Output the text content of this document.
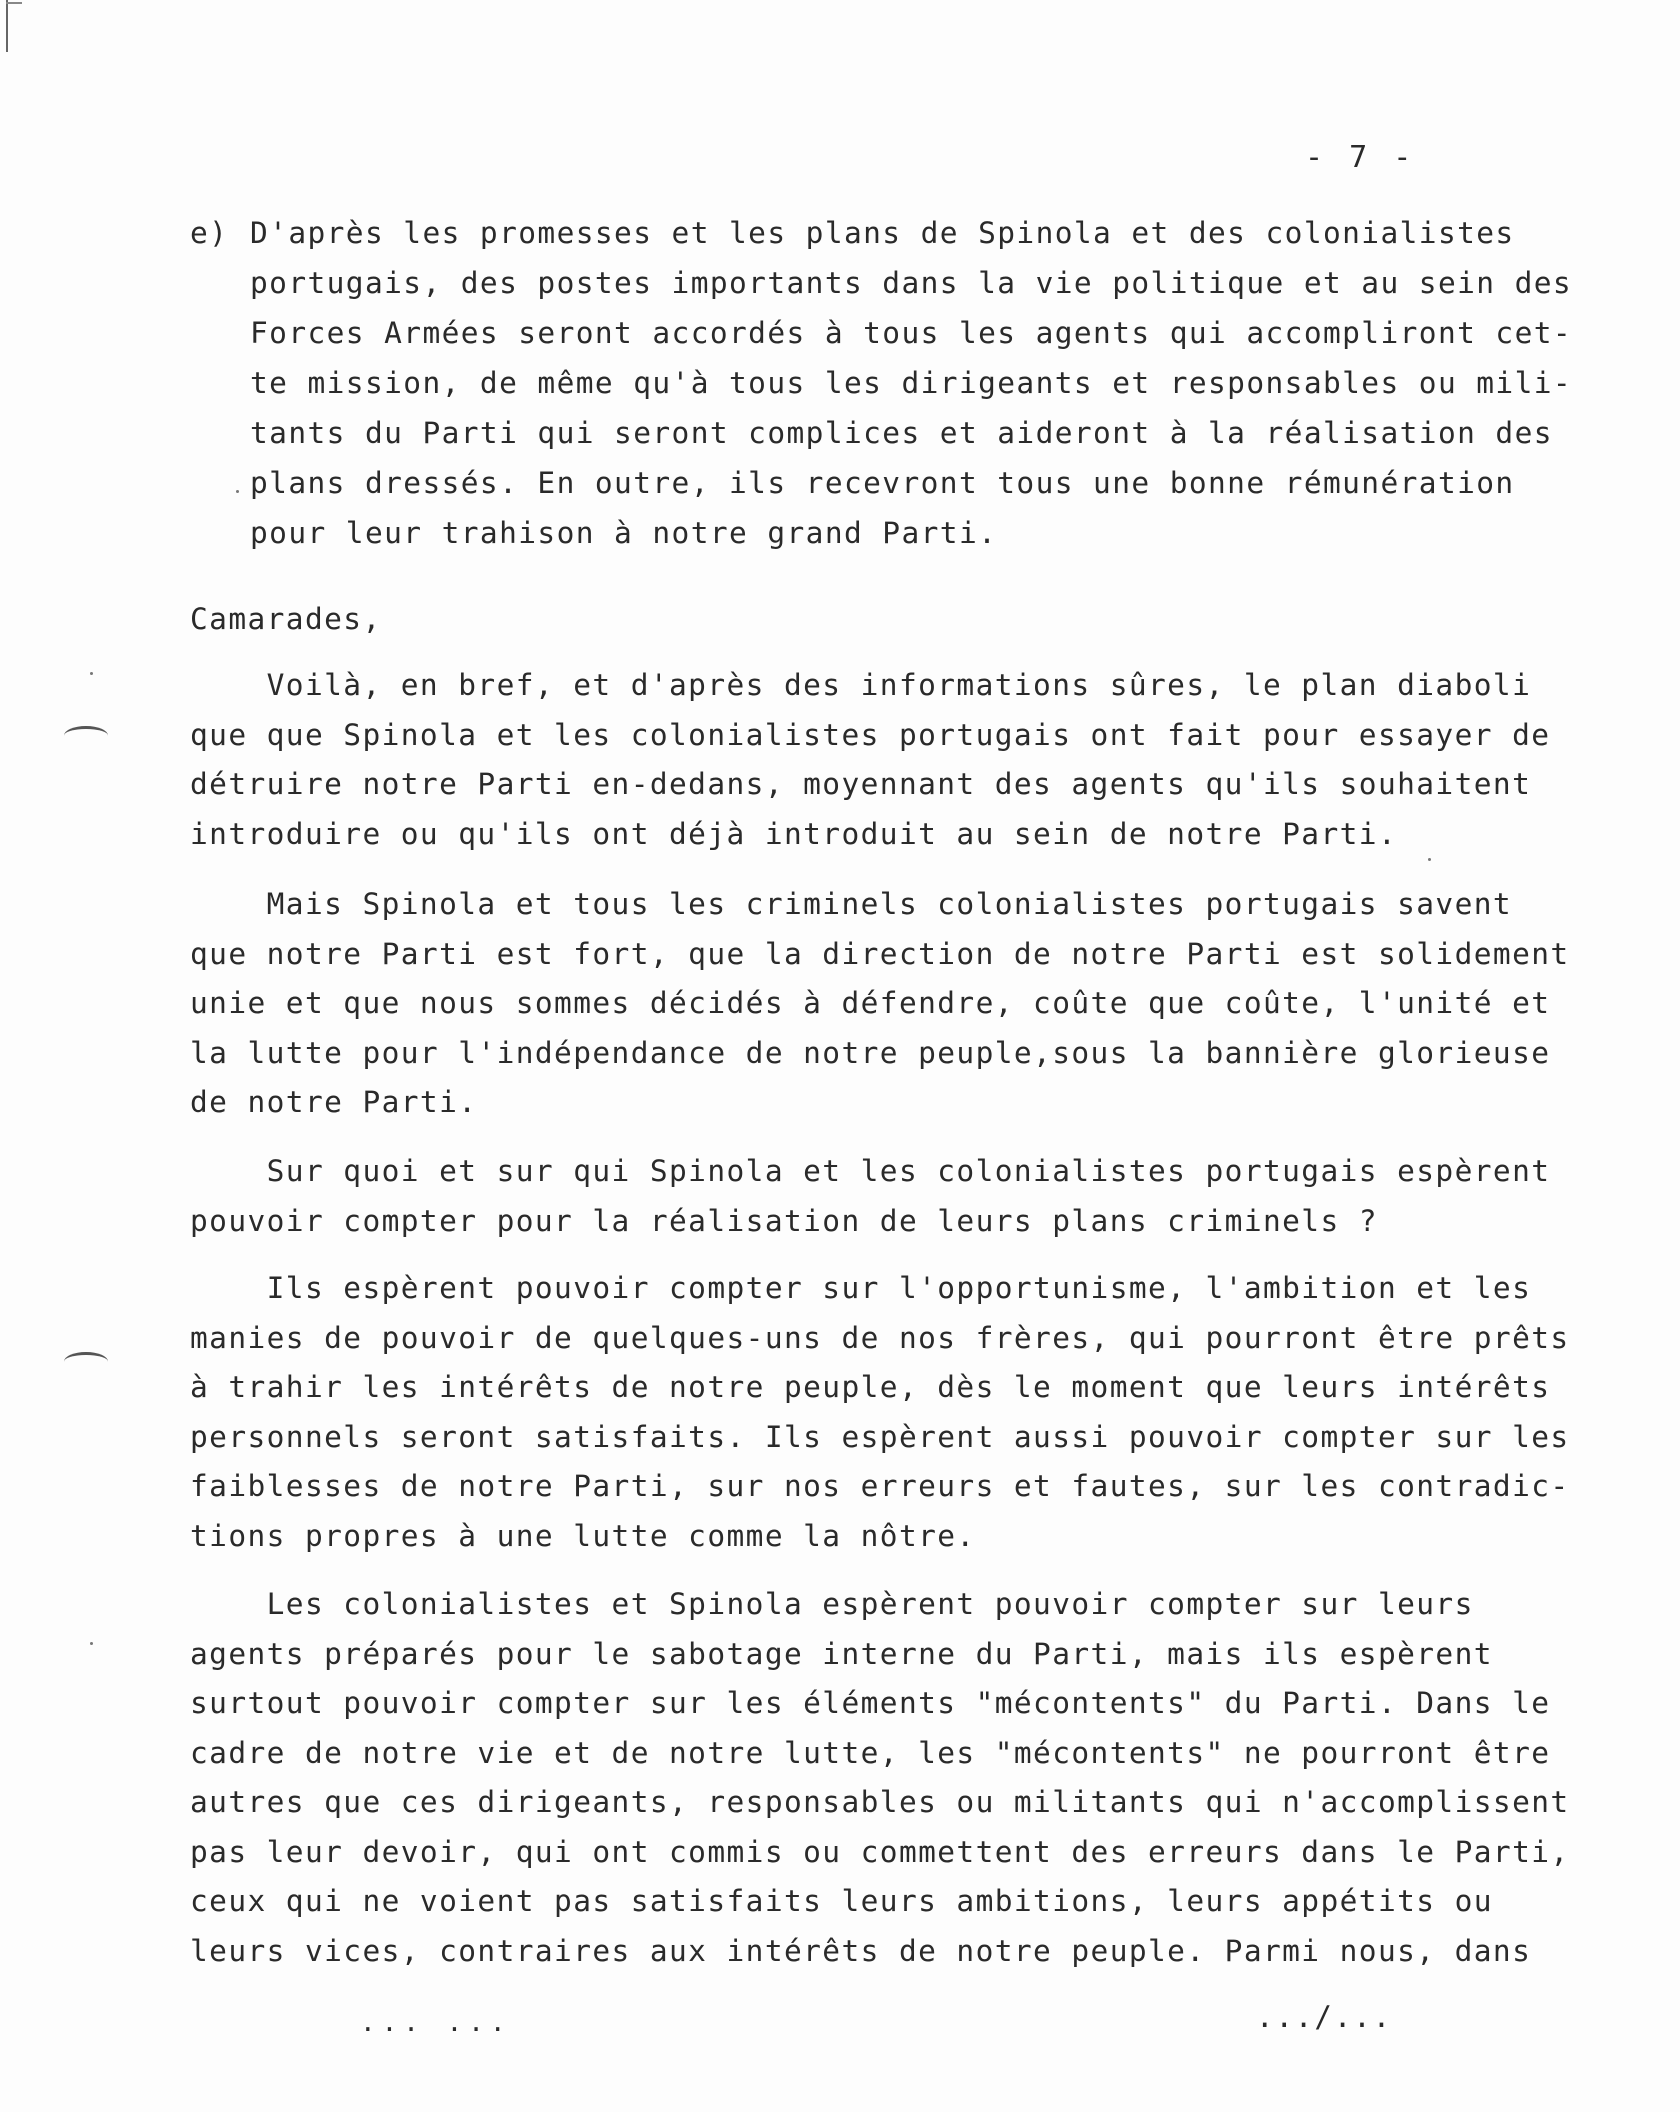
- 7 -
e) D'après les promesses et les plans de Spinola et des colonialistes
portugais, des postes importants dans la vie politique et au sein des
Forces Armées seront accordés à tous les agents qui accompliront cet-
te mission, de même qu'à tous les dirigeants et responsables ou mili-
tants du Parti qui seront complices et aideront à la réalisation des
plans dressés. En outre, ils recevront tous une bonne rémunération
pour leur trahison à notre grand Parti.
Camarades,
Voilà, en bref, et d'après des informations sûres, le plan diaboli
que que Spinola et les colonialistes portugais ont fait pour essayer de
détruire notre Parti en-dedans, moyennant des agents qu'ils souhaitent
introduire ou qu'ils ont déjà introduit au sein de notre Parti.
Mais Spinola et tous les criminels colonialistes portugais savent
que notre Parti est fort, que la direction de notre Parti est solidement
unie et que nous sommes décidés à défendre, coûte que coûte, l'unité et
la lutte pour l'indépendance de notre peuple,sous la bannière glorieuse
de notre Parti.
Sur quoi et sur qui Spinola et les colonialistes portugais espèrent
pouvoir compter pour la réalisation de leurs plans criminels ?
Ils espèrent pouvoir compter sur l'opportunisme, l'ambition et les
manies de pouvoir de quelques-uns de nos frères, qui pourront être prêts
à trahir les intérêts de notre peuple, dès le moment que leurs intérêts
personnels seront satisfaits. Ils espèrent aussi pouvoir compter sur les
faiblesses de notre Parti, sur nos erreurs et fautes, sur les contradic-
tions propres à une lutte comme la nôtre.
Les colonialistes et Spinola espèrent pouvoir compter sur leurs
agents préparés pour le sabotage interne du Parti, mais ils espèrent
surtout pouvoir compter sur les éléments "mécontents" du Parti. Dans le
cadre de notre vie et de notre lutte, les "mécontents" ne pourront être
autres que ces dirigeants, responsables ou militants qui n'accomplissent
pas leur devoir, qui ont commis ou commettent des erreurs dans le Parti,
ceux qui ne voient pas satisfaits leurs ambitions, leurs appétits ou
leurs vices, contraires aux intérêts de notre peuple. Parmi nous, dans
... ...	.../...
